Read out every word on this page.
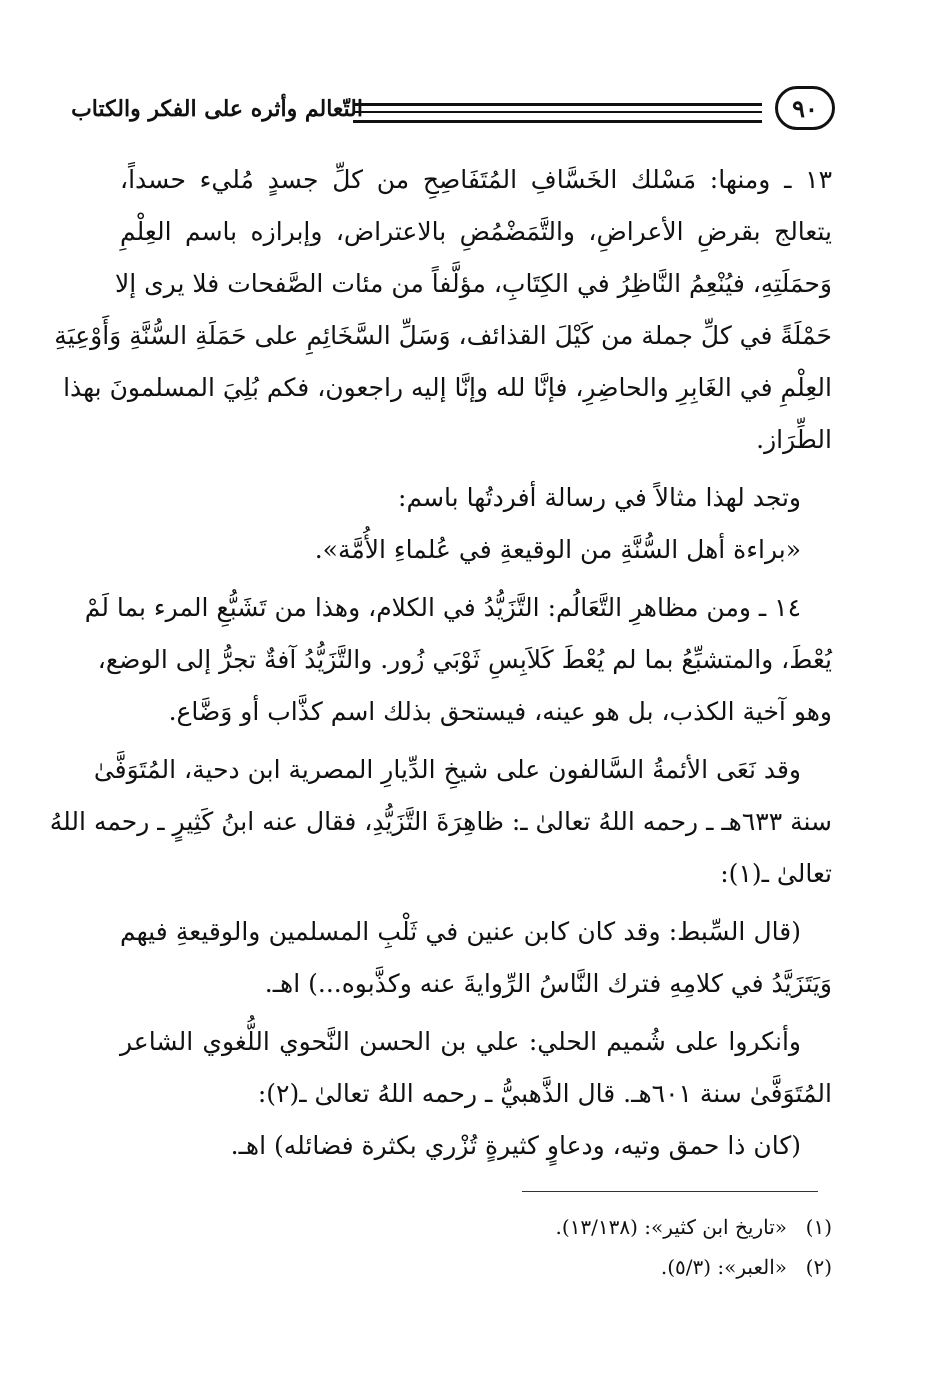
التّعالم وأثره على الفكر والكتاب	٩٠
١٣ ـ ومنها: مَسْلك الخَسَّافِ المُتَفَاصِحِ من كلِّ جسدٍ مُليء حسداً،
يتعالج بقرضِ الأعراضِ، والتَّمَضْمُضِ بالاعتراض، وإبرازه باسم العِلْمِ
وَحمَلَتِهِ، فيُنْعِمُ النَّاظِرُ في الكِتَابِ، مؤلَّفاً من مئات الصَّفحات فلا يرى إلا
حَمْلَةً في كلِّ جملة من كَيْلَ القذائف، وَسَلِّ السَّخَائِمِ على حَمَلَةِ السُّنَّةِ وَأَوْعِيَةِ
العِلْمِ في الغَابِرِ والحاضِرِ، فإنَّا لله وإنَّا إليه راجعون، فكم بُلِيَ المسلمونَ بهذا
الطِّرَاز.
وتجد لهذا مثالاً في رسالة أفردتُها باسم:
«براءة أهل السُّنَّةِ من الوقيعةِ في عُلماءِ الأُمَّة».
١٤ ـ ومن مظاهرِ التَّعَالُم: التَّزَيُّدُ في الكلام، وهذا من تَشَبُّعِ المرء بما لَمْ
يُعْطَ، والمتشبِّعُ بما لم يُعْطَ كَلاَبِسِ ثَوْبَي زُور. والتَّزَيُّدُ آفةٌ تجرُّ إلى الوضع،
وهو آخية الكذب، بل هو عينه، فيستحق بذلك اسم كذَّاب أو وَضَّاع.
وقد نَعَى الأئمةُ السَّالفون على شيخِ الدِّيارِ المصرية ابن دحية، المُتَوَفَّىٰ
سنة ٦٣٣هـ ـ رحمه اللهُ تعالىٰ ـ: ظاهِرَةَ التَّزَيُّدِ، فقال عنه ابنُ كَثِيرٍ ـ رحمه اللهُ
تعالىٰ ـ(١):
(قال السِّبط: وقد كان كابن عنين في ثَلْبِ المسلمين والوقيعةِ فيهم
وَيَتَزَيَّدُ في كلامِهِ فترك النَّاسُ الرِّوايةَ عنه وكذَّبوه...) اهـ.
وأنكروا على شُميم الحلي: علي بن الحسن النَّحوي اللُّغوي الشاعر
المُتَوَفَّىٰ سنة ٦٠١هـ. قال الذَّهبيُّ ـ رحمه اللهُ تعالىٰ ـ(٢):
(كان ذا حمق وتيه، ودعاوٍ كثيرةٍ تُزْري بكثرة فضائله) اهـ.
(١)
«تاريخ ابن كثير»: (١٣/١٣٨).
(٢)
«العبر»: (٥/٣).
